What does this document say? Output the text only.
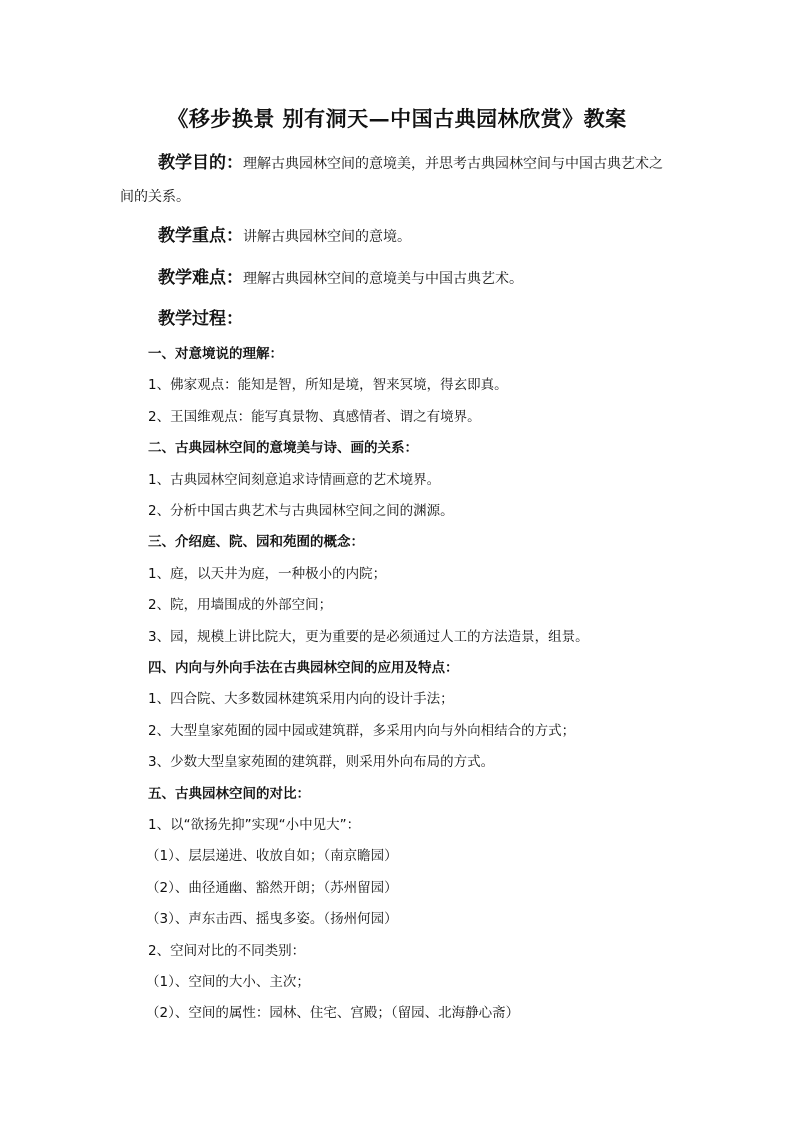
《移步换景 别有洞天—中国古典园林欣赏》教案
教学目的：理解古典园林空间的意境美，并思考古典园林空间与中国古典艺术之
间的关系。
教学重点：讲解古典园林空间的意境。
教学难点：理解古典园林空间的意境美与中国古典艺术。
教学过程：
一、对意境说的理解：
1、佛家观点：能知是智，所知是境，智来冥境，得玄即真。
2、王国维观点：能写真景物、真感情者、谓之有境界。
二、古典园林空间的意境美与诗、画的关系：
1、古典园林空间刻意追求诗情画意的艺术境界。
2、分析中国古典艺术与古典园林空间之间的渊源。
三、介绍庭、院、园和苑囿的概念：
1、庭，以天井为庭，一种极小的内院；
2、院，用墙围成的外部空间；
3、园，规模上讲比院大，更为重要的是必须通过人工的方法造景，组景。
四、内向与外向手法在古典园林空间的应用及特点：
1、四合院、大多数园林建筑采用内向的设计手法；
2、大型皇家苑囿的园中园或建筑群，多采用内向与外向相结合的方式；
3、少数大型皇家苑囿的建筑群，则采用外向布局的方式。
五、古典园林空间的对比：
1、以“欲扬先抑”实现“小中见大”：
（1）、层层递进、收放自如；（南京瞻园）
（2）、曲径通幽、豁然开朗；（苏州留园）
（3）、声东击西、摇曳多姿。（扬州何园）
2、空间对比的不同类别：
（1）、空间的大小、主次；
（2）、空间的属性：园林、住宅、宫殿；（留园、北海静心斋）
